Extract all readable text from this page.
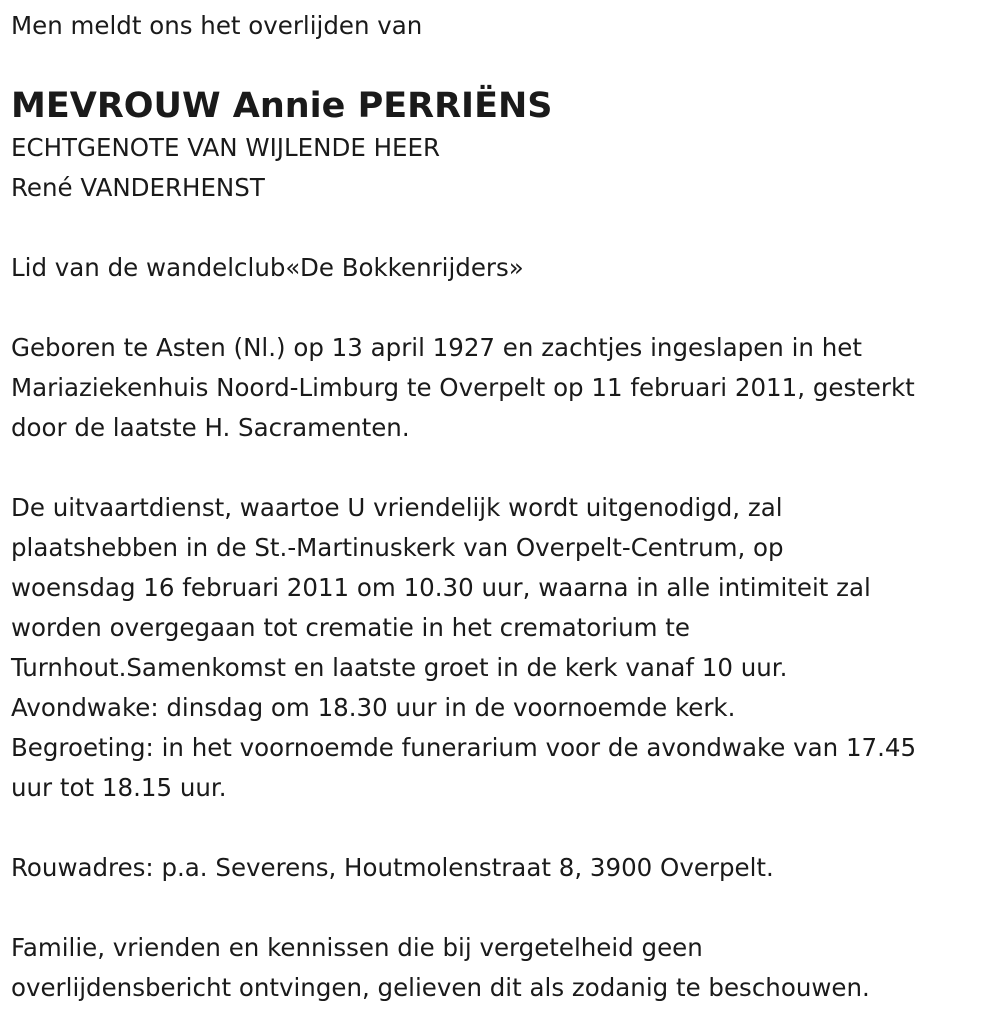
Men meldt ons het overlijden van
MEVROUW Annie PERRIËNS
ECHTGENOTE VAN WIJLENDE HEER
René VANDERHENST
Lid van de wandelclub«De Bokkenrijders»
Geboren te Asten (Nl.) op 13 april 1927 en zachtjes ingeslapen in het
Mariaziekenhuis Noord-Limburg te Overpelt op 11 februari 2011, gesterkt
door de laatste H. Sacramenten.
De uitvaartdienst, waartoe U vriendelijk wordt uitgenodigd, zal
plaatshebben in de St.-Martinuskerk van Overpelt-Centrum, op
woensdag 16 februari 2011 om 10.30 uur, waarna in alle intimiteit zal
worden overgegaan tot crematie in het crematorium te
Turnhout.Samenkomst en laatste groet in de kerk vanaf 10 uur.
Avondwake: dinsdag om 18.30 uur in de voornoemde kerk.
Begroeting: in het voornoemde funerarium voor de avondwake van 17.45
uur tot 18.15 uur.
Rouwadres: p.a. Severens, Houtmolenstraat 8, 3900 Overpelt.
Familie, vrienden en kennissen die bij vergetelheid geen
overlijdensbericht ontvingen, gelieven dit als zodanig te beschouwen.
